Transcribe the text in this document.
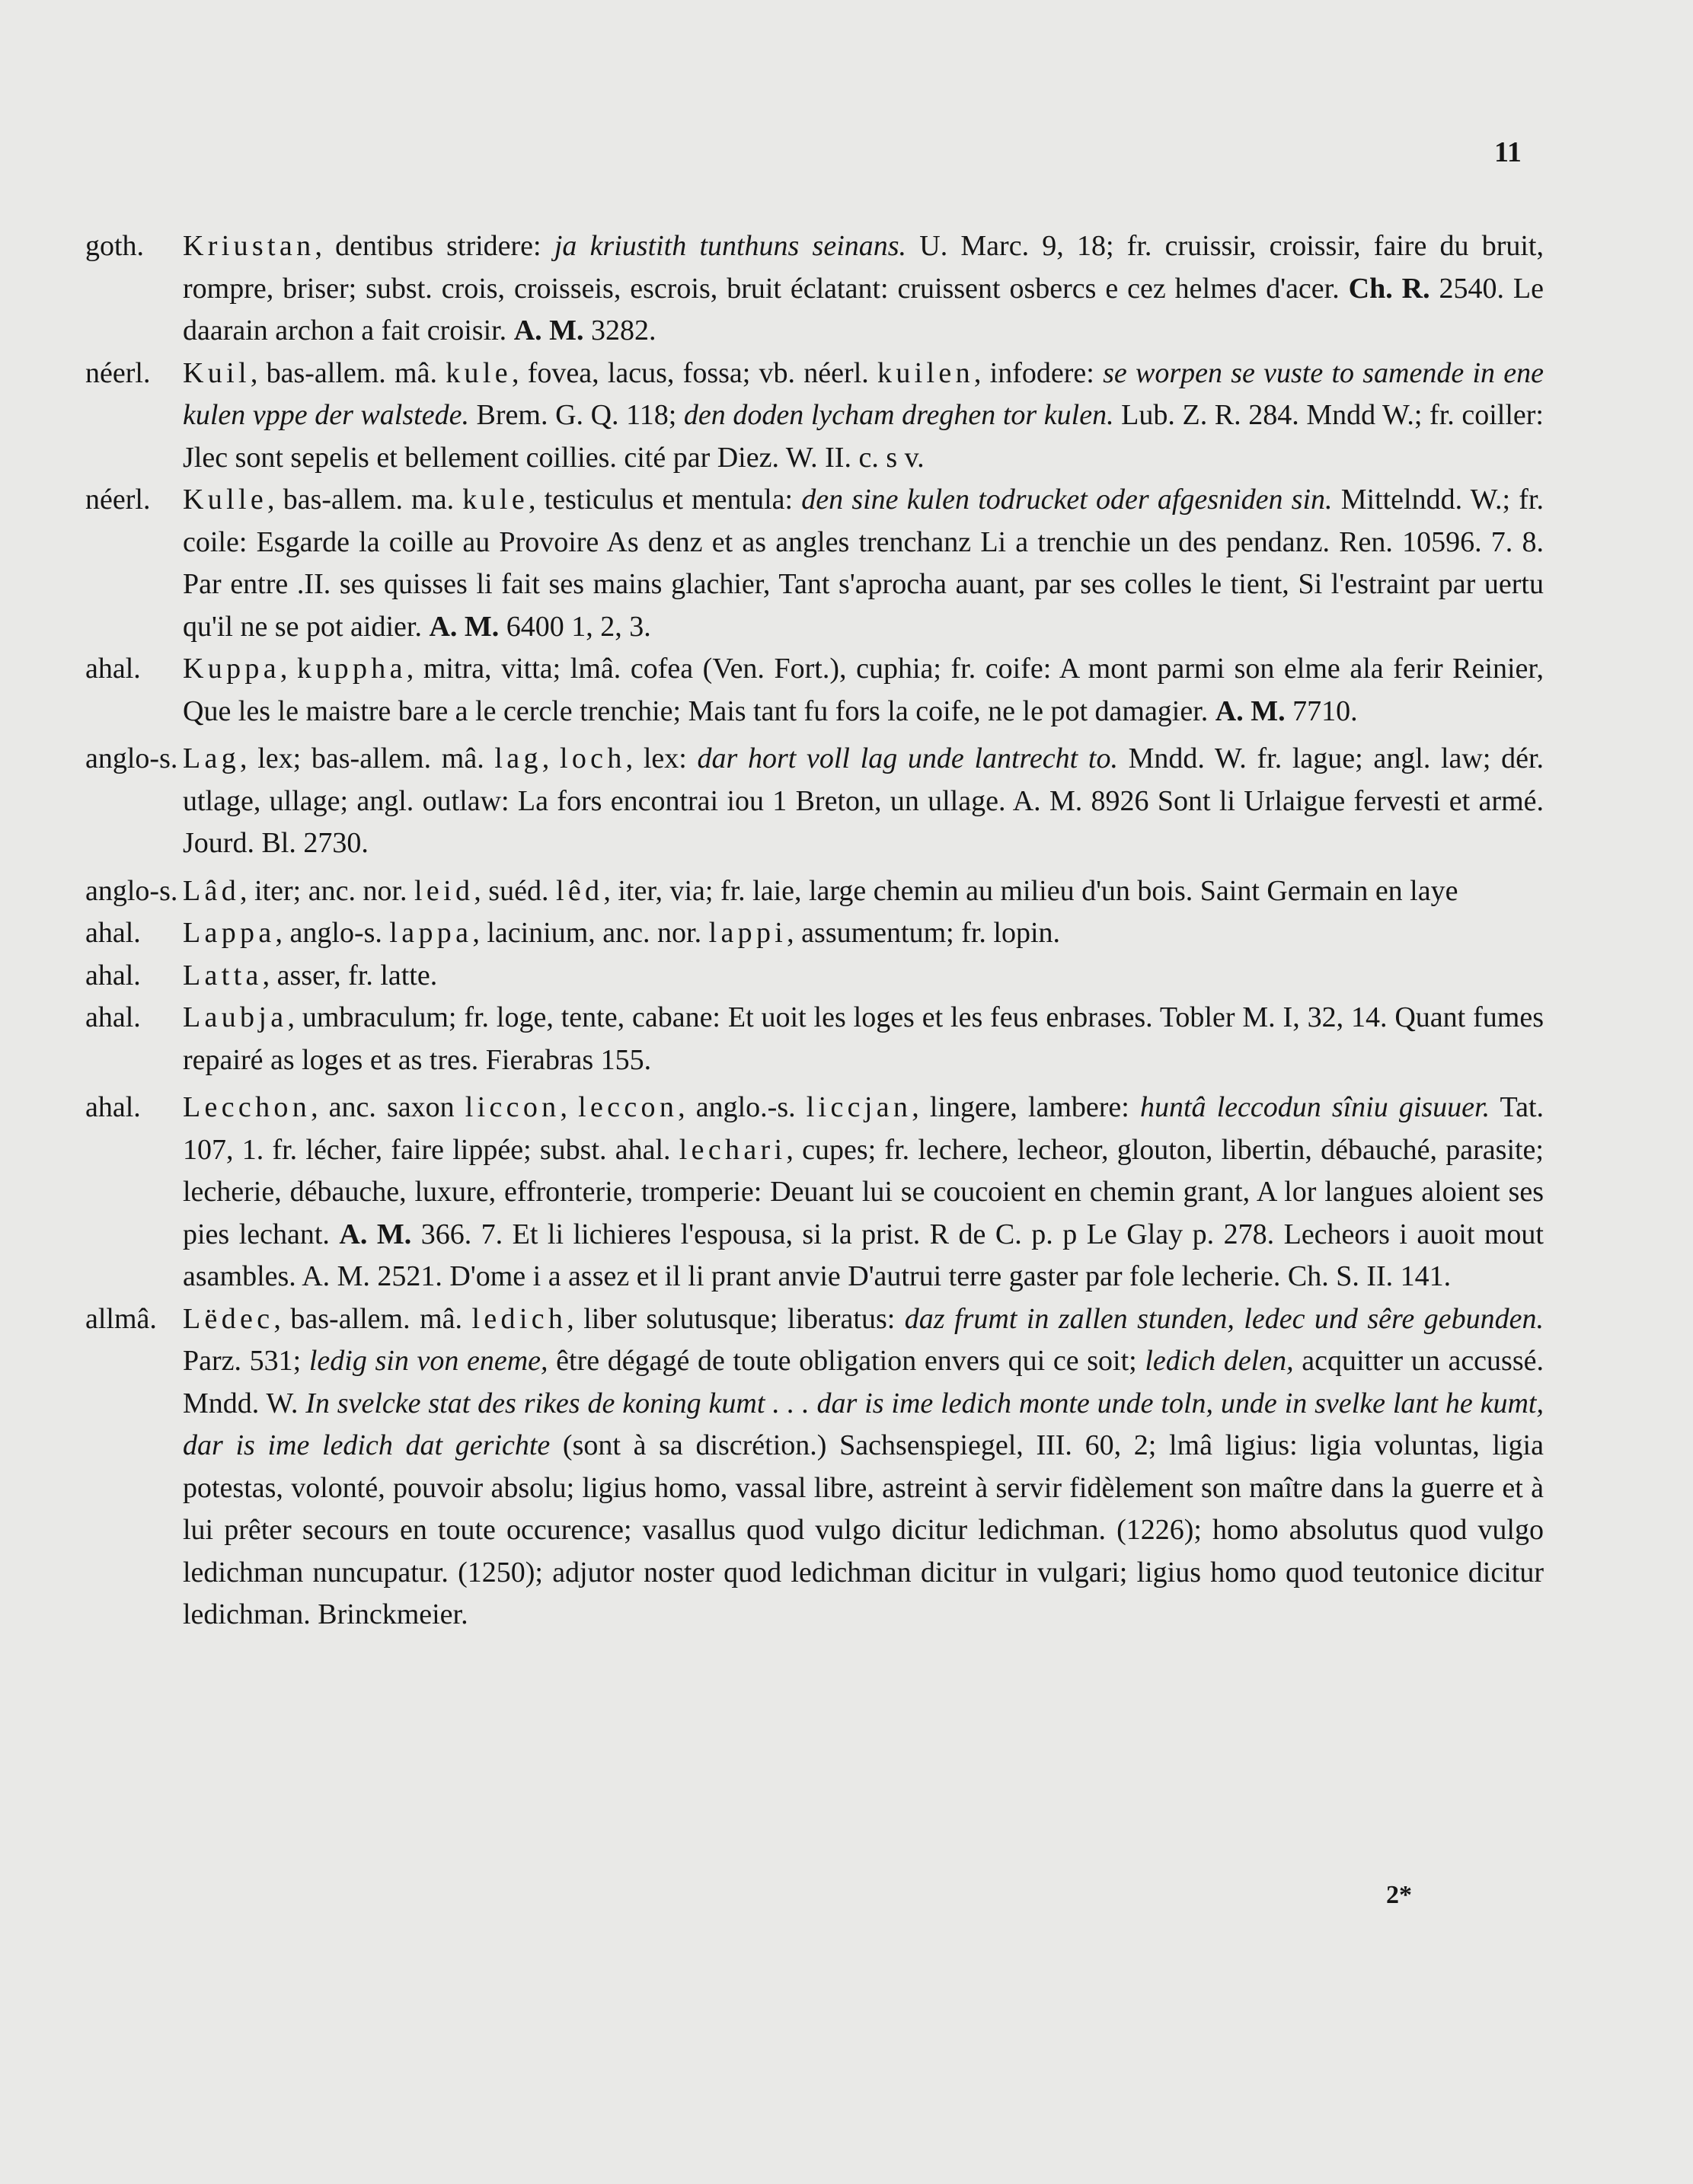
11
goth.	Kriustan, dentibus stridere: ja kriustith tunthuns seinans. U. Marc. 9, 18; fr. cruissir, croissir, faire du bruit, rompre, briser; subst. crois, croisseis, escrois, bruit éclatant: cruissent osbercs e cez helmes d'acer. Ch. R. 2540. Le daarain archon a fait croisir. A. M. 3282.
néerl.	Kuil, bas-allem. mâ. kule, fovea, lacus, fossa; vb. néerl. kuilen, infodere: se worpen se vuste to samende in ene kulen vppe der walstede. Brem. G. Q. 118; den doden lycham dreghen tor kulen. Lub. Z. R. 284. Mndd W.; fr. coiller: Jlec sont sepelis et bellement coillies. cité par Diez. W. II. c. s v.
néerl.	Kulle, bas-allem. ma. kule, testiculus et mentula: den sine kulen todrucket oder afgesniden sin. Mittelndd. W.; fr. coile: Esgarde la coille au Provoire As denz et as angles trenchanz Li a trenchie un des pendanz. Ren. 10596. 7. 8. Par entre .II. ses quisses li fait ses mains glachier, Tant s'aprocha auant, par ses colles le tient, Si l'estraint par uertu qu'il ne se pot aidier. A. M. 6400 1, 2, 3.
ahal.	Kuppa, kuppha, mitra, vitta; lmâ. cofea (Ven. Fort.), cuphia; fr. coife: A mont parmi son elme ala ferir Reinier, Que les le maistre bare a le cercle trenchie; Mais tant fu fors la coife, ne le pot damagier. A. M. 7710.
anglo-s. Lag, lex; bas-allem. mâ. lag, loch, lex: dar hort voll lag unde lantrecht to. Mndd. W. fr. lague; angl. law; dér. utlage, ullage; angl. outlaw: La fors encontrai iou 1 Breton, un ullage. A. M. 8926 Sont li Urlaigue fervesti et armé. Jourd. Bl. 2730.
anglo-s. Lâd, iter; anc. nor. leid, suéd. lêd, iter, via; fr. laie, large chemin au milieu d'un bois. Saint Germain en laye
ahal.	Lappa, anglo-s. lappa, lacinium, anc. nor. lappi, assumentum; fr. lopin.
ahal.	Latta, asser, fr. latte.
ahal.	Laubja, umbraculum; fr. loge, tente, cabane: Et uoit les loges et les feus enbrases. Tobler M. I, 32, 14. Quant fumes repairé as loges et as tres. Fierabras 155.
ahal.	Lecchon, anc. saxon liccon, leccon, anglo.-s. liccjan, lingere, lambere: huntâ leccodun sîniu gisuuer. Tat. 107, 1. fr. lécher, faire lippée; subst. ahal. lechari, cupes; fr. lechere, lecheor, glouton, libertin, débauché, parasite; lecherie, débauche, luxure, effronterie, tromperie: Deuant lui se coucoient en chemin grant, A lor langues aloient ses pies lechant. A. M. 366. 7. Et li lichieres l'espousa, si la prist. R de C. p. p Le Glay p. 278. Lecheors i auoit mout asambles. A. M. 2521. D'ome i a assez et il li prant anvie D'autrui terre gaster par fole lecherie. Ch. S. II. 141.
allmâ. Lëdec, bas-allem. mâ. ledich, liber solutusque; liberatus: daz frumt in zallen stunden, ledec und sêre gebunden. Parz. 531; ledig sin von eneme, être dégagé de toute obligation envers qui ce soit; ledich delen, acquitter un accussé. Mndd. W. In svelcke stat des rikes de koning kumt . . . dar is ime ledich monte unde toln, unde in svelke lant he kumt, dar is ime ledich dat gerichte (sont à sa discrétion.) Sachsenspiegel, III. 60, 2; lmâ ligius: ligia voluntas, ligia potestas, volonté, pouvoir absolu; ligius homo, vassal libre, astreint à servir fidèlement son maître dans la guerre et à lui prêter secours en toute occurence; vasallus quod vulgo dicitur ledichman. (1226); homo absolutus quod vulgo ledichman nuncupatur. (1250); adjutor noster quod ledichman dicitur in vulgari; ligius homo quod teutonice dicitur ledichman. Brinckmeier.
2*
